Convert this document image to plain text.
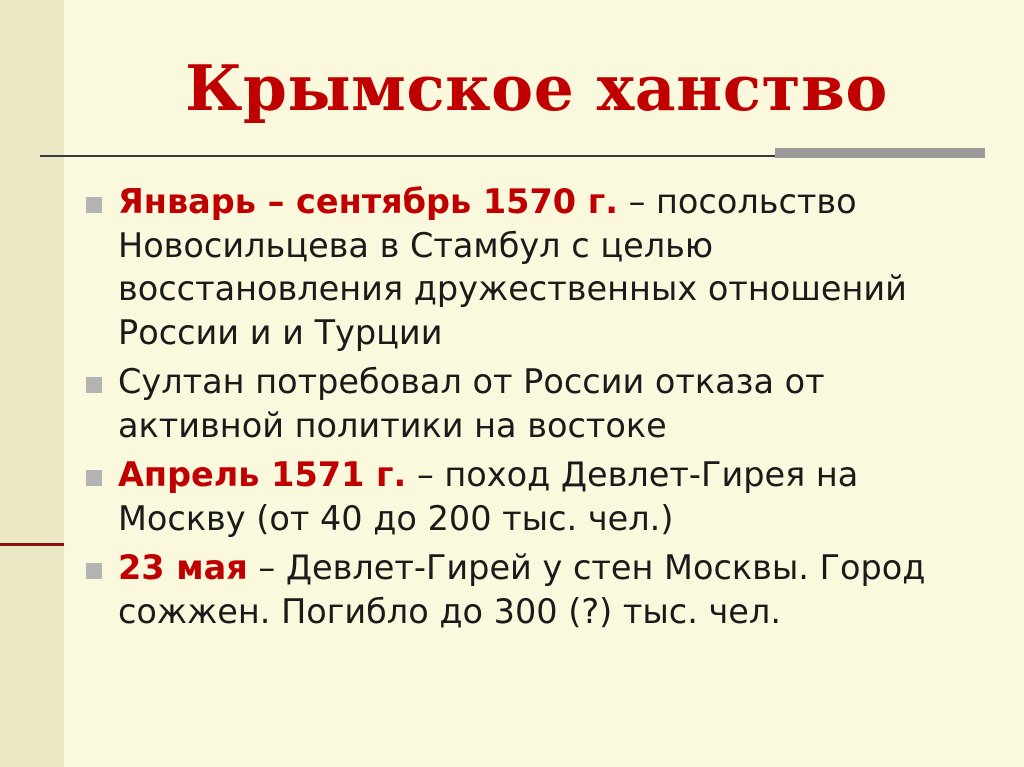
Крымское ханство
Январь – сентябрь 1570 г. – посольство Новосильцева в Стамбул с целью восстановления дружественных отношений России и и Турции
Султан потребовал от России отказа от активной политики на востоке
Апрель 1571 г. – поход Девлет-Гирея на Москву (от 40 до 200 тыс. чел.)
23 мая – Девлет-Гирей у стен Москвы. Город сожжен. Погибло до 300 (?) тыс. чел.
